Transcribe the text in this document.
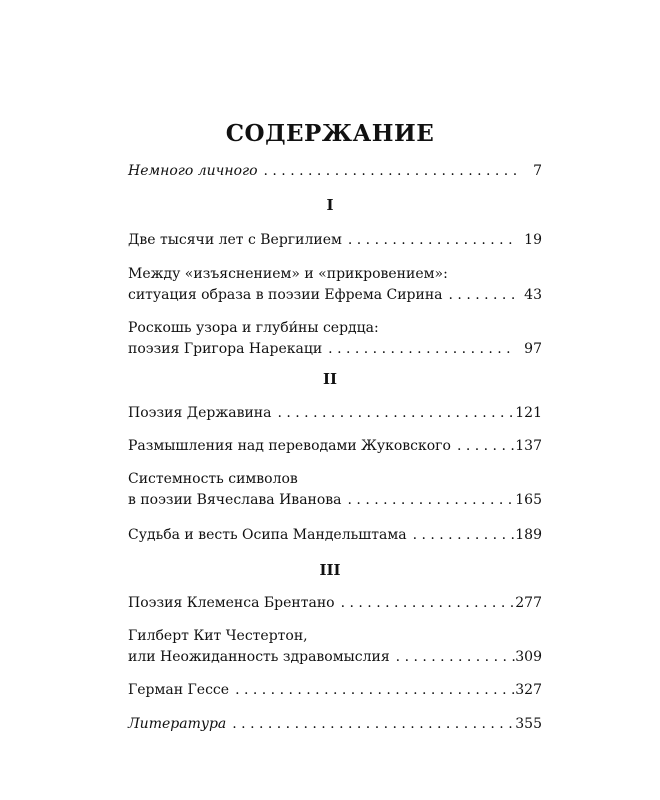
СОДЕРЖАНИЕ
Немного личного . . .	7
I
Две тысячи лет с Вергилием . . .	19
Между «изъяснением» и «прикровением»:
ситуация образа в поэзии Ефрема Сирина . . .	43
Роскошь узора и глуби́ны сердца:
поэзия Григора Нарекаци . . .	97
II
Поэзия Державина . . .	121
Размышления над переводами Жуковского . . .	137
Системность символов
в поэзии Вячеслава Иванова . . .	165
Судьба и весть Осипа Мандельштама . . .	189
III
Поэзия Клеменса Брентано . . .	277
Гилберт Кит Честертон,
или Неожиданность здравомыслия . . .	309
Герман Гессе . . .	327
Литература . . .	355
